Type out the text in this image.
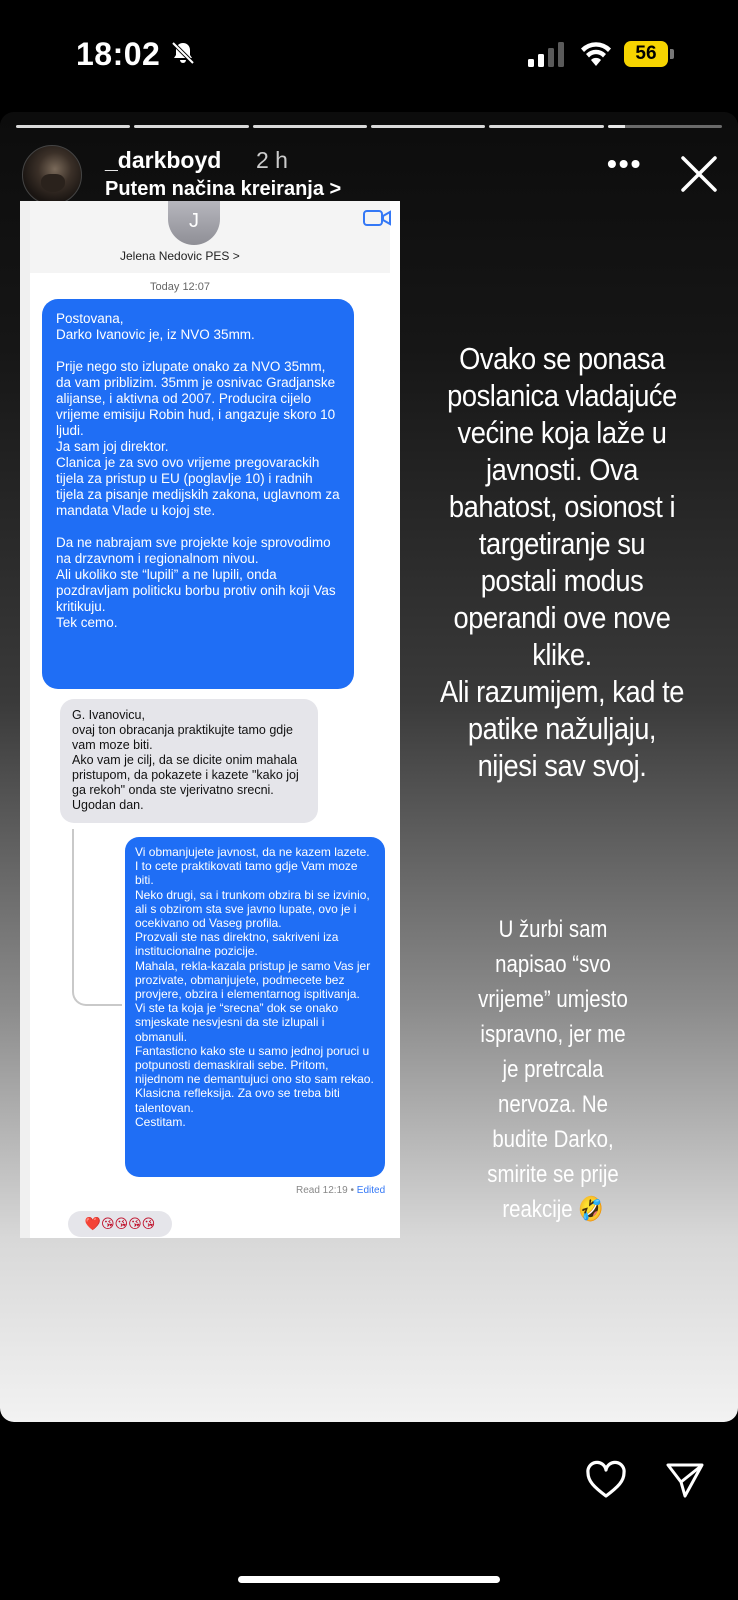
18:02	56
_darkboyd 2 h
Putem načina kreiranja >
•••
J
Jelena Nedovic PES >
Today 12:07
Postovana,
Darko Ivanovic je, iz NVO 35mm.

Prije nego sto izlupate onako za NVO 35mm, da vam priblizim. 35mm je osnivac Gradjanske alijanse, i aktivna od 2007. Producira cijelo vrijeme emisiju Robin hud, i angazuje skoro 10 ljudi.
Ja sam joj direktor.
Clanica je za svo ovo vrijeme pregovarackih tijela za pristup u EU (poglavlje 10) i radnih tijela za pisanje medijskih zakona, uglavnom za mandata Vlade u kojoj ste.

Da ne nabrajam sve projekte koje sprovodimo na drzavnom i regionalnom nivou.
Ali ukoliko ste “lupili” a ne lupili, onda pozdravljam politicku borbu protiv onih koji Vas kritikuju.
Tek cemo.
G. Ivanovicu,
ovaj ton obracanja praktikujte tamo gdje vam moze biti.
Ako vam je cilj, da se dicite onim mahala pristupom, da pokazete i kazete "kako joj ga rekoh" onda ste vjerivatno srecni.
Ugodan dan.
Vi obmanjujete javnost, da ne kazem lazete.
I to cete praktikovati tamo gdje Vam moze biti.
Neko drugi, sa i trunkom obzira bi se izvinio, ali s obzirom sta sve javno lupate, ovo je i ocekivano od Vaseg profila.
Prozvali ste nas direktno, sakriveni iza institucionalne pozicije.
Mahala, rekla-kazala pristup je samo Vas jer prozivate, obmanjujete, podmecete bez provjere, obzira i elementarnog ispitivanja.
Vi ste ta koja je “srecna” dok se onako smjeskate nesvjesni da ste izlupali i obmanuli.
Fantasticno kako ste u samo jednoj poruci u potpunosti demaskirali sebe. Pritom, nijednom ne demantujuci ono sto sam rekao.
Klasicna refleksija. Za ovo se treba biti talentovan.
Cestitam.
Read 12:19 • Edited
❤️😘😘😘😘
Ovako se ponasa
poslanica vladajuće
većine koja laže u
javnosti. Ova
bahatost, osionost i
targetiranje su
postali modus
operandi ove nove
klike.
Ali razumijem, kad te
patike nažuljaju,
nijesi sav svoj.
U žurbi sam
napisao “svo
vrijeme” umjesto
ispravno, jer me
je pretrcala
nervoza. Ne
budite Darko,
smirite se prije
reakcije 🤣
